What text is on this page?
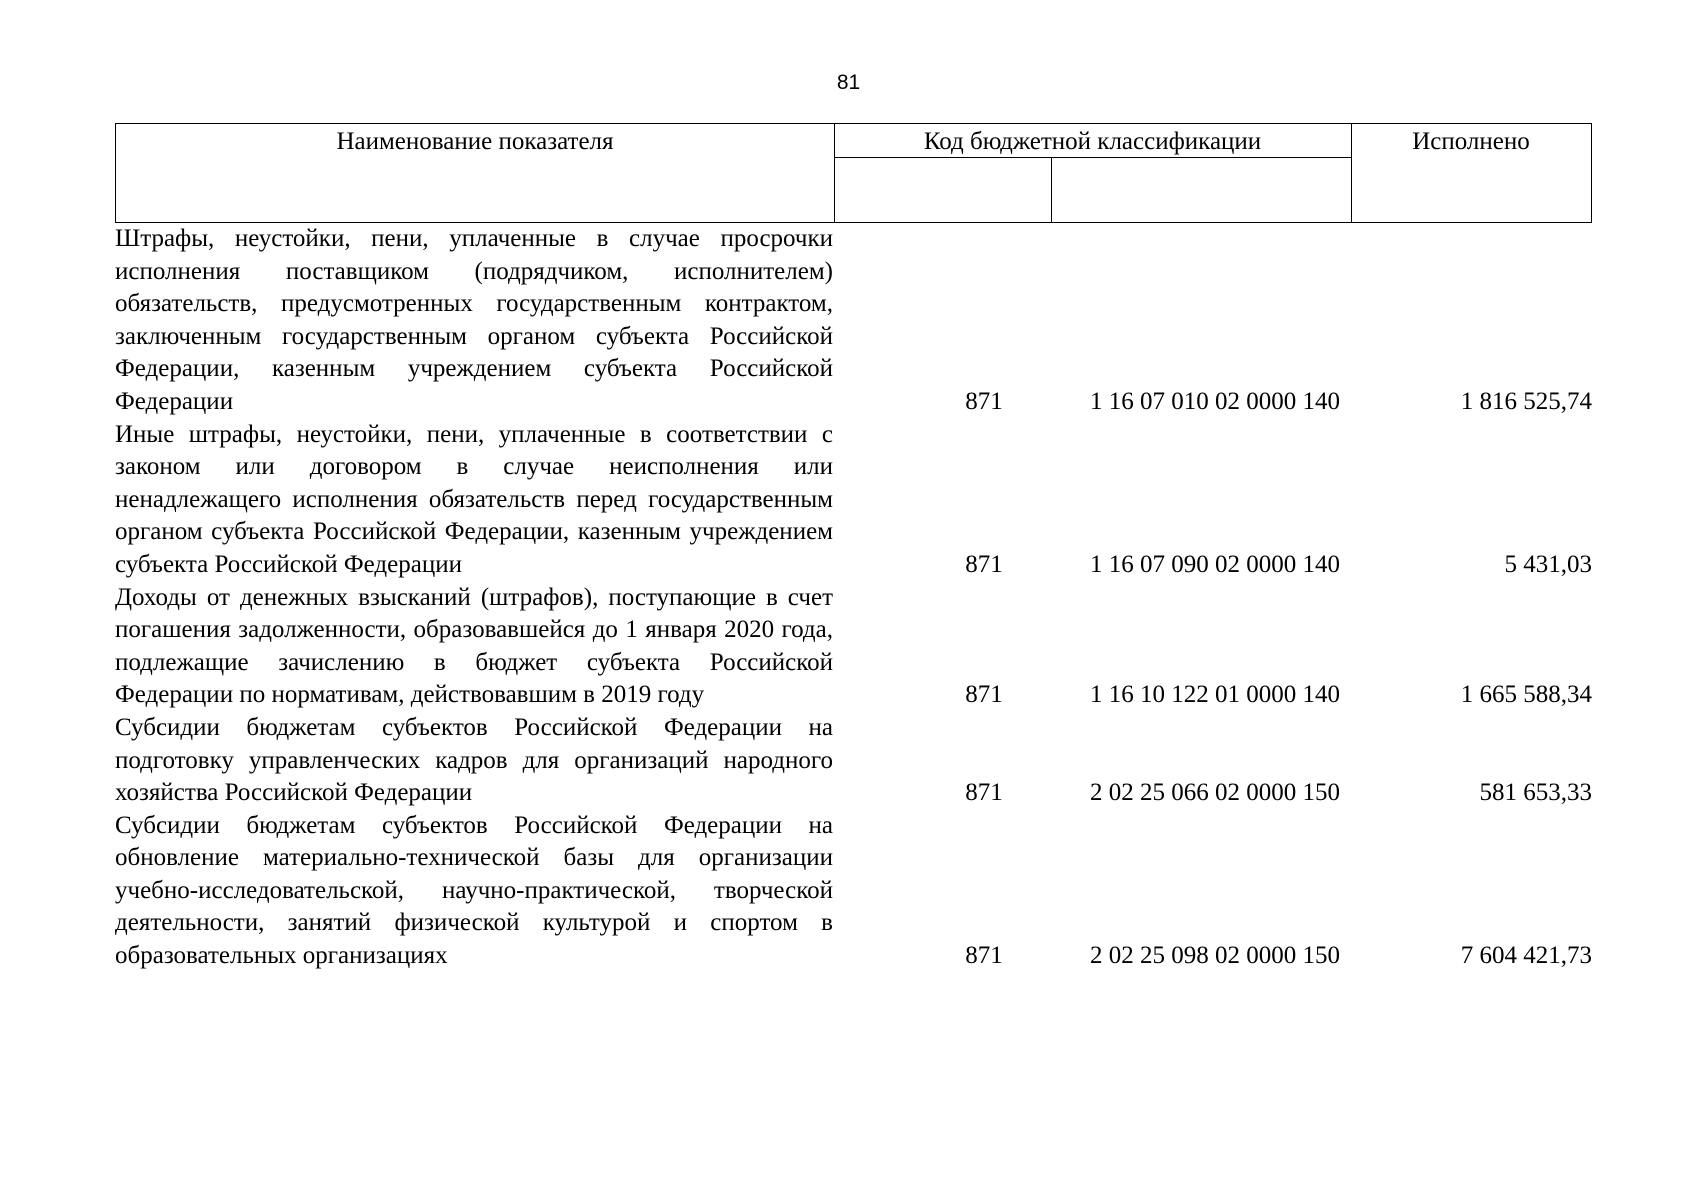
81
Наименование показателя	Код бюджетной классификации	Исполнено
Штрафы, неустойки, пени, уплаченные в случае просрочки исполнения поставщиком (подрядчиком, исполнителем) обязательств, предусмотренных государственным контрактом, заключенным государственным органом субъекта Российской Федерации, казенным учреждением субъекта Российской Федерации	871	1 16 07 010 02 0000 140	1 816 525,74
Иные штрафы, неустойки, пени, уплаченные в соответствии с законом или договором в случае неисполнения или ненадлежащего исполнения обязательств перед государственным органом субъекта Российской Федерации, казенным учреждением субъекта Российской Федерации	871	1 16 07 090 02 0000 140	5 431,03
Доходы от денежных взысканий (штрафов), поступающие в счет погашения задолженности, образовавшейся до 1 января 2020 года, подлежащие зачислению в бюджет субъекта Российской Федерации по нормативам, действовавшим в 2019 году	871	1 16 10 122 01 0000 140	1 665 588,34
Субсидии бюджетам субъектов Российской Федерации на подготовку управленческих кадров для организаций народного хозяйства Российской Федерации	871	2 02 25 066 02 0000 150	581 653,33
Субсидии бюджетам субъектов Российской Федерации на обновление материально-технической базы для организации учебно-исследовательской, научно-практической, творческой деятельности, занятий физической культурой и спортом в образовательных организациях	871	2 02 25 098 02 0000 150	7 604 421,73
